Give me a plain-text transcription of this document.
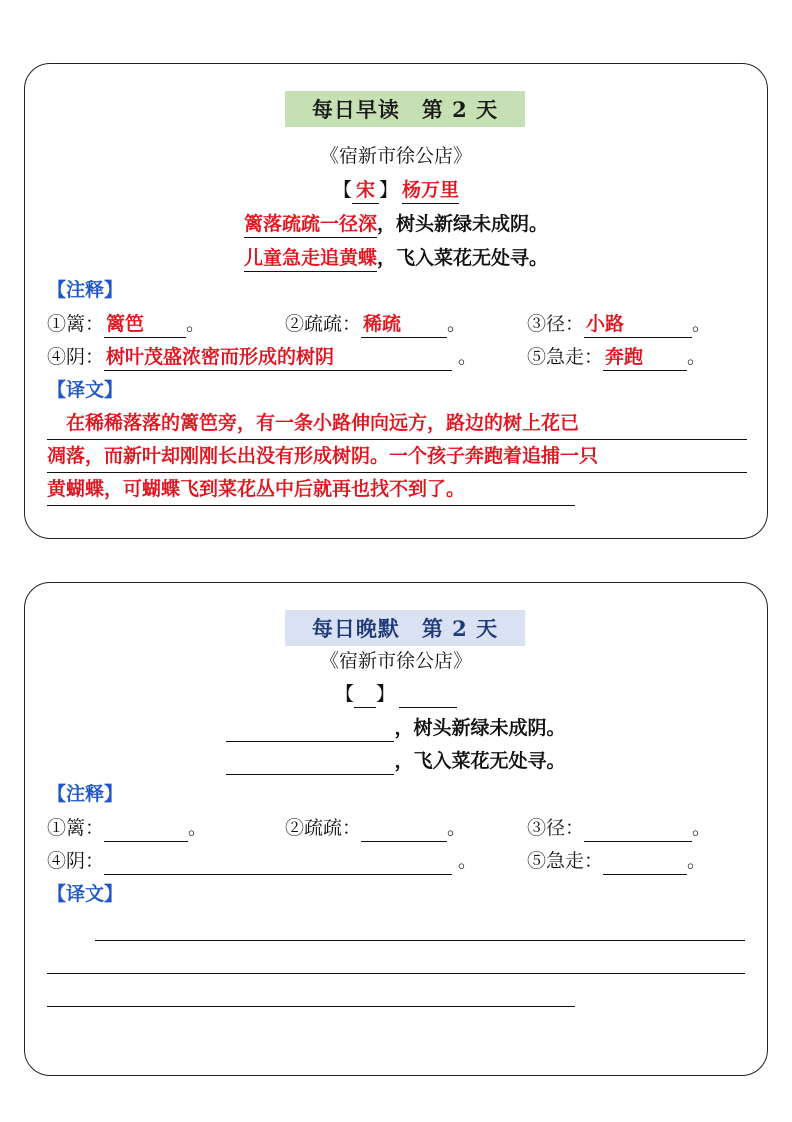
每日早读　第 2 天
《宿新市徐公店》
【 宋 】 杨万里
篱落疏疏一径深，树头新绿未成阴。
儿童急走追黄蝶，飞入菜花无处寻。
【注释】
①篱： 篱笆 。	②疏疏： 稀疏 。	③径： 小路	。
④阴： 树叶茂盛浓密而形成的树阴	。	⑤急走： 奔跑 。
【译文】
　在稀稀落落的篱笆旁，有一条小路伸向远方，路边的树上花已
凋落，而新叶却刚刚长出没有形成树阴。一个孩子奔跑着追捕一只
黄蝴蝶，可蝴蝶飞到菜花丛中后就再也找不到了。
每日晚默　第 2 天
《宿新市徐公店》
【 】
，树头新绿未成阴。
，飞入菜花无处寻。
【注释】
①篱：	。	②疏疏：	。	③径：	。
④阴：	。	⑤急走：	。
【译文】
